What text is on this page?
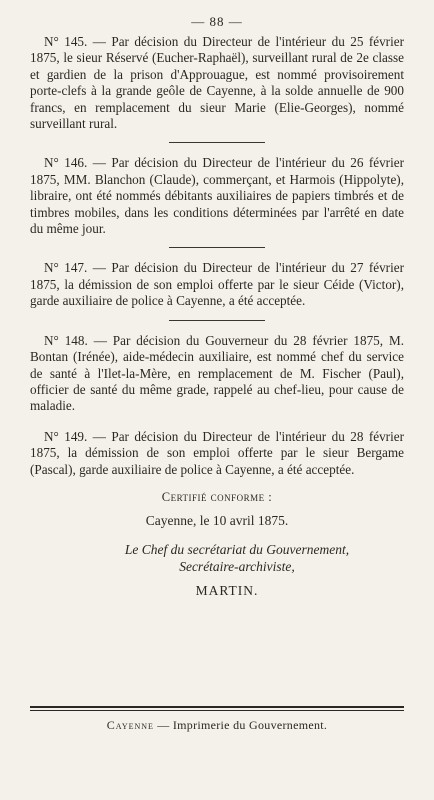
— 88 —

N° 145. — Par décision du Directeur de l'intérieur du 25 février 1875, le sieur Réservé (Eucher-Raphaël), surveillant rural de 2e classe et gardien de la prison d'Approuague, est nommé provisoirement porte-clefs à la grande geôle de Cayenne, à la solde annuelle de 900 francs, en remplacement du sieur Marie (Elie-Georges), nommé surveillant rural.

N° 146. — Par décision du Directeur de l'intérieur du 26 février 1875, MM. Blanchon (Claude), commerçant, et Harmois (Hippolyte), libraire, ont été nommés débitants auxiliaires de papiers timbrés et de timbres mobiles, dans les conditions déterminées par l'arrêté en date du même jour.

N° 147. — Par décision du Directeur de l'intérieur du 27 février 1875, la démission de son emploi offerte par le sieur Céide (Victor), garde auxiliaire de police à Cayenne, a été acceptée.

N° 148. — Par décision du Gouverneur du 28 février 1875, M. Bontan (Irénée), aide-médecin auxiliaire, est nommé chef du service de santé à l'Ilet-la-Mère, en remplacement de M. Fischer (Paul), officier de santé du même grade, rappelé au chef-lieu, pour cause de maladie.

N° 149. — Par décision du Directeur de l'intérieur du 28 février 1875, la démission de son emploi offerte par le sieur Bergame (Pascal), garde auxiliaire de police à Cayenne, a été acceptée.

Certifié conforme :
Cayenne, le 10 avril 1875.
Le Chef du secrétariat du Gouvernement,
Secrétaire-archiviste,
MARTIN.
Cayenne — Imprimerie du Gouvernement.
